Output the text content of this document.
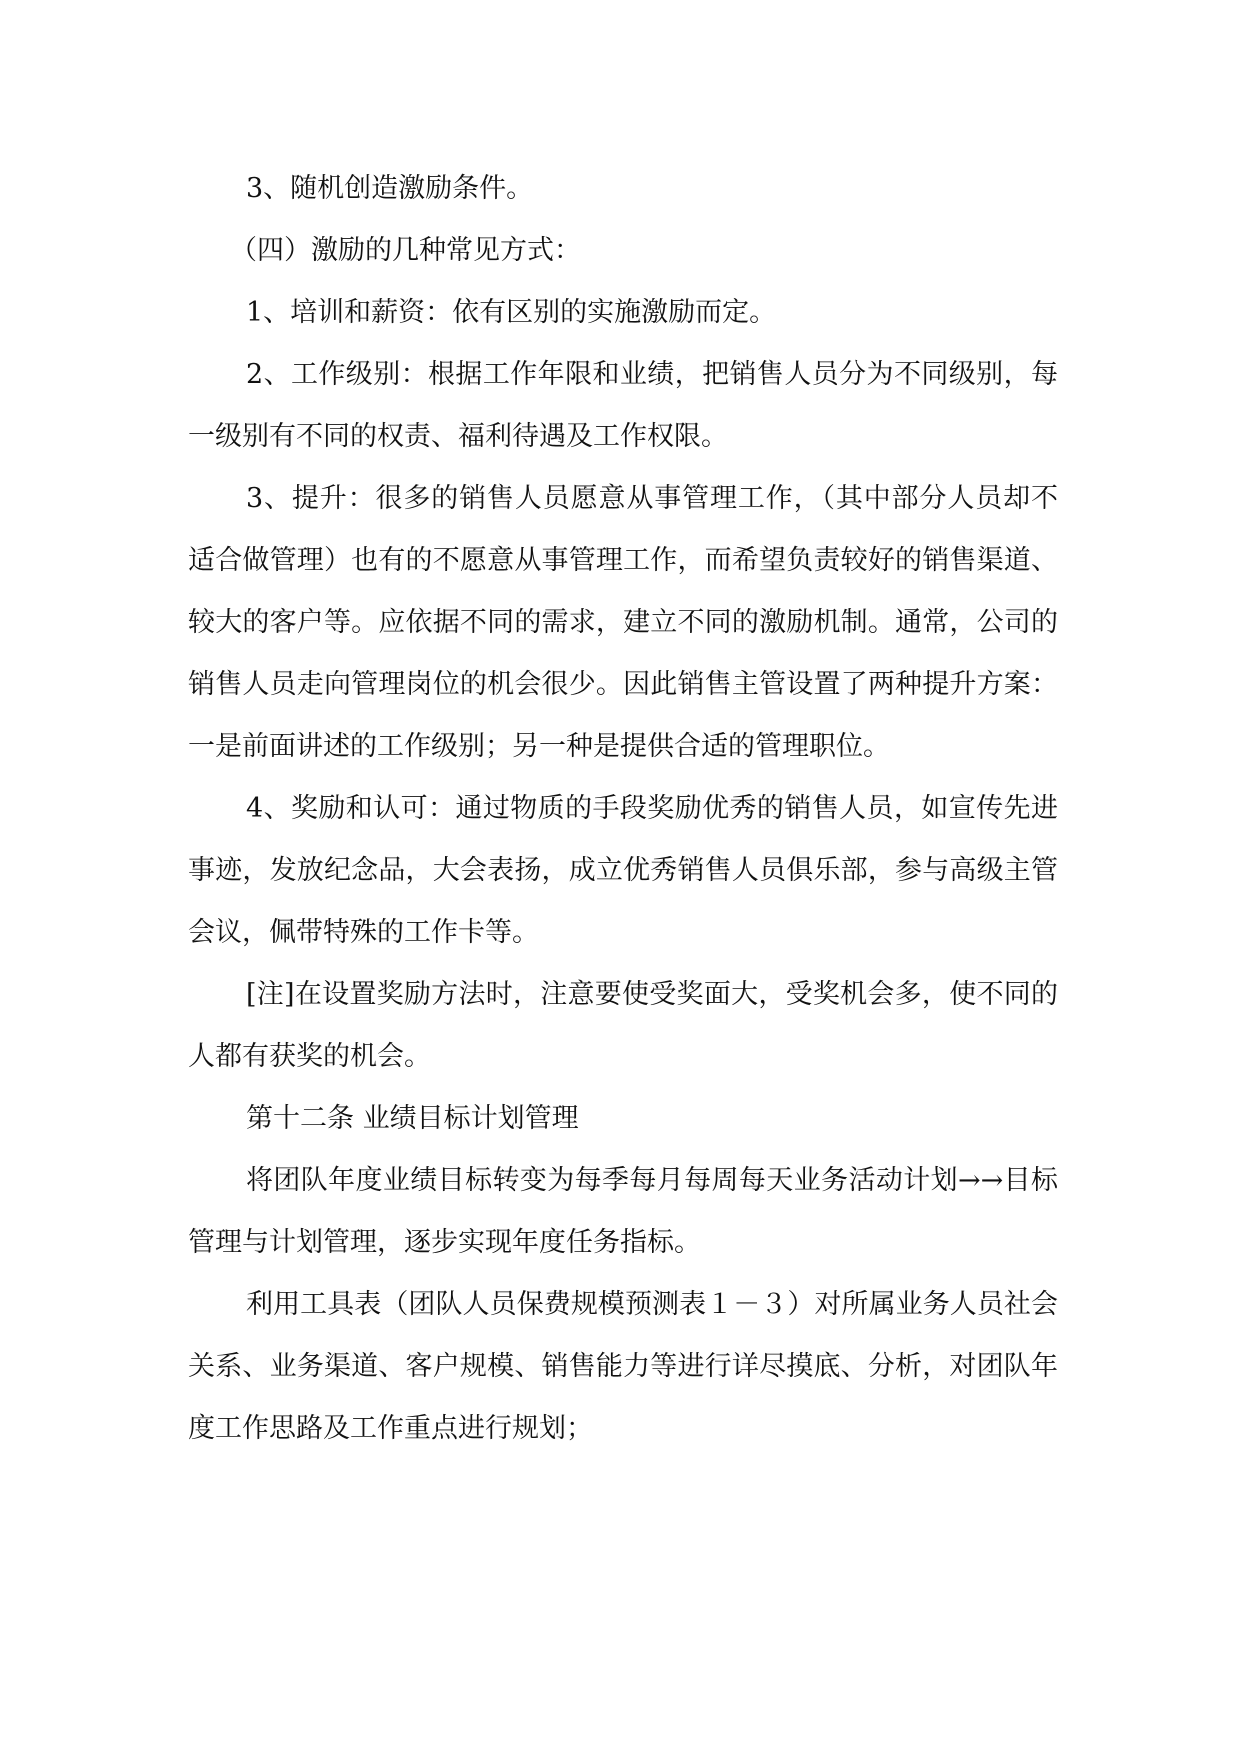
3、随机创造激励条件。

（四）激励的几种常见方式：

1、培训和薪资：依有区别的实施激励而定。

2、工作级别：根据工作年限和业绩，把销售人员分为不同级别，每一级别有不同的权责、福利待遇及工作权限。

3、提升：很多的销售人员愿意从事管理工作，（其中部分人员却不适合做管理）也有的不愿意从事管理工作，而希望负责较好的销售渠道、较大的客户等。应依据不同的需求，建立不同的激励机制。通常，公司的销售人员走向管理岗位的机会很少。因此销售主管设置了两种提升方案：一是前面讲述的工作级别；另一种是提供合适的管理职位。

4、奖励和认可：通过物质的手段奖励优秀的销售人员，如宣传先进事迹，发放纪念品，大会表扬，成立优秀销售人员俱乐部，参与高级主管会议，佩带特殊的工作卡等。

[注]在设置奖励方法时，注意要使受奖面大，受奖机会多，使不同的人都有获奖的机会。

第十二条 业绩目标计划管理

将团队年度业绩目标转变为每季每月每周每天业务活动计划→→目标管理与计划管理，逐步实现年度任务指标。

利用工具表（团队人员保费规模预测表１－３）对所属业务人员社会关系、业务渠道、客户规模、销售能力等进行详尽摸底、分析，对团队年度工作思路及工作重点进行规划；
